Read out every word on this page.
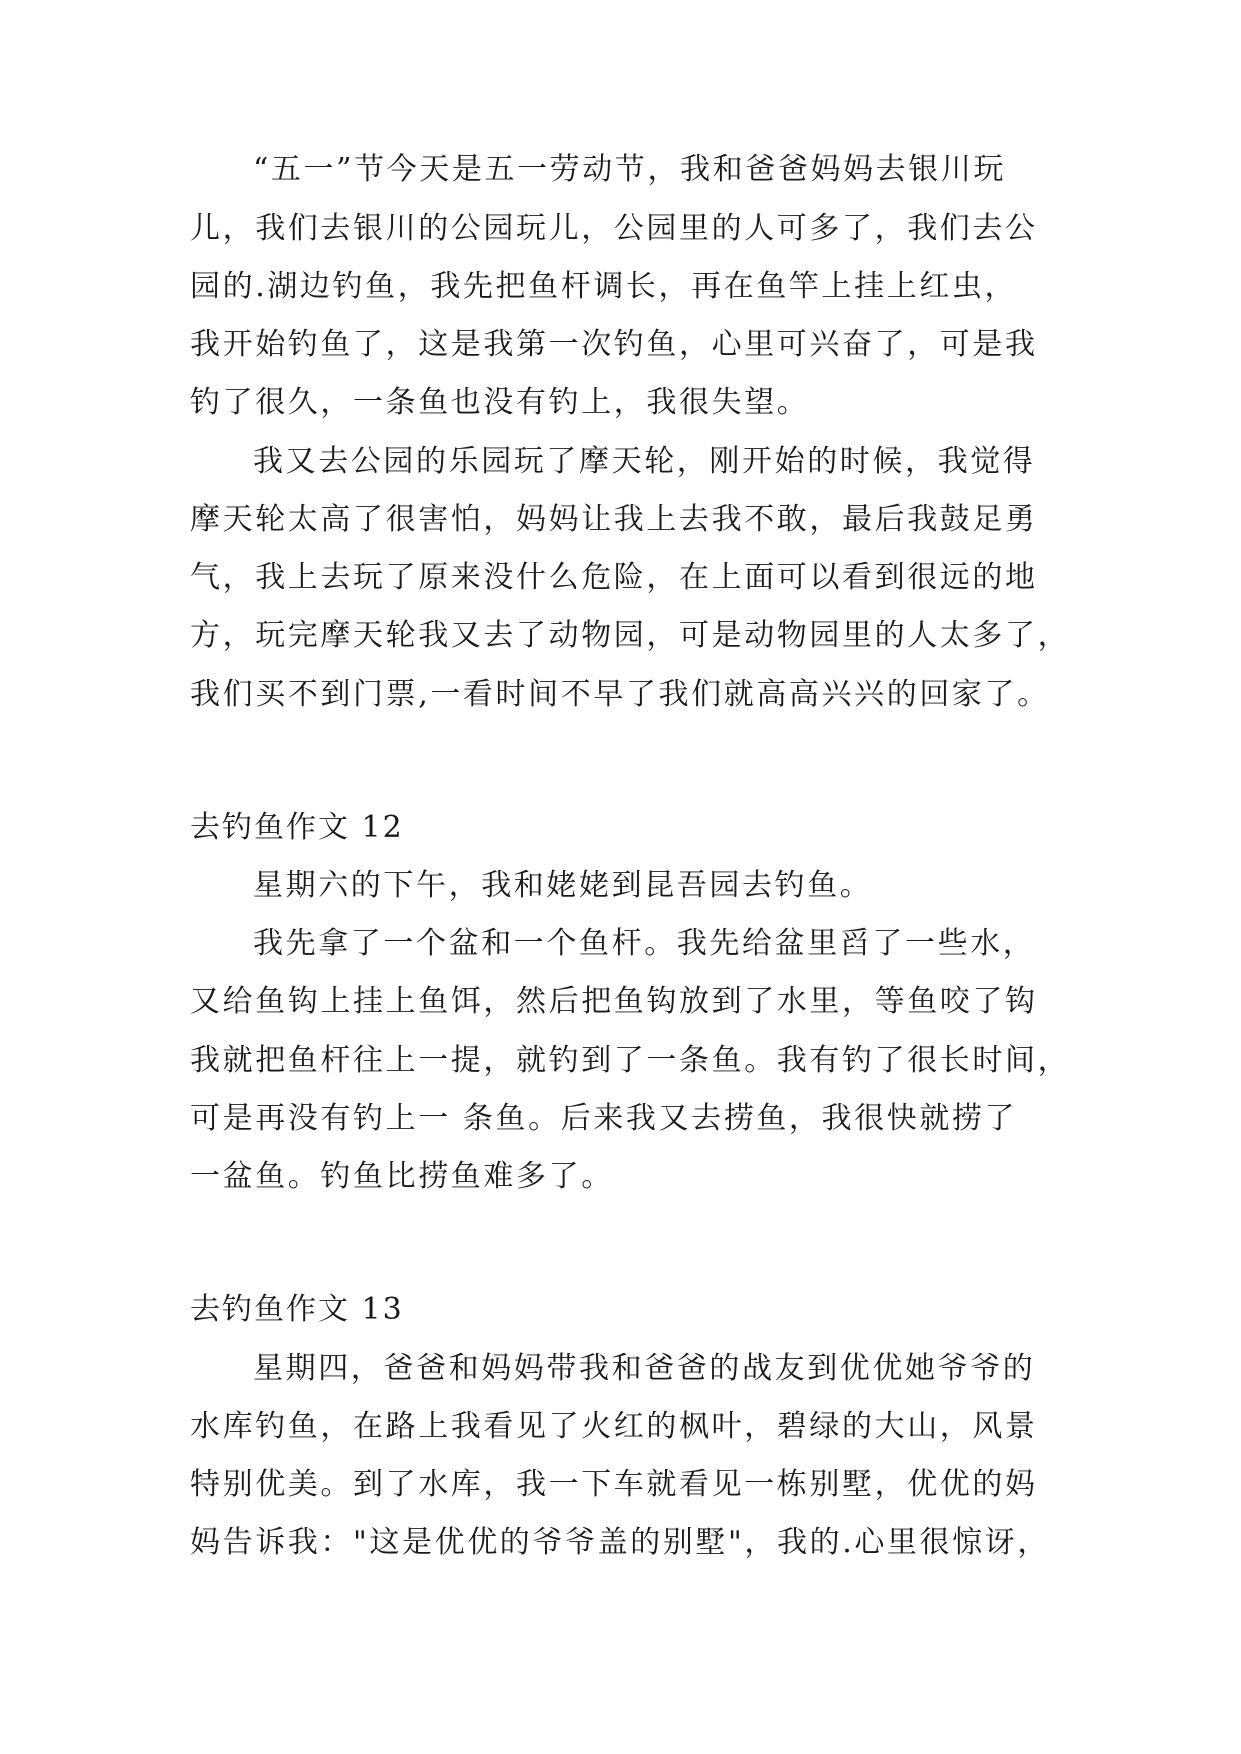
“五一”节今天是五一劳动节，我和爸爸妈妈去银川玩
儿，我们去银川的公园玩儿，公园里的人可多了，我们去公
园的.湖边钓鱼，我先把鱼杆调长，再在鱼竿上挂上红虫，
我开始钓鱼了，这是我第一次钓鱼，心里可兴奋了，可是我
钓了很久，一条鱼也没有钓上，我很失望。
我又去公园的乐园玩了摩天轮，刚开始的时候，我觉得
摩天轮太高了很害怕，妈妈让我上去我不敢，最后我鼓足勇
气，我上去玩了原来没什么危险，在上面可以看到很远的地
方，玩完摩天轮我又去了动物园，可是动物园里的人太多了，
我们买不到门票,一看时间不早了我们就高高兴兴的回家了。
去钓鱼作文 12
星期六的下午，我和姥姥到昆吾园去钓鱼。
我先拿了一个盆和一个鱼杆。我先给盆里舀了一些水，
又给鱼钩上挂上鱼饵，然后把鱼钩放到了水里，等鱼咬了钩
我就把鱼杆往上一提，就钓到了一条鱼。我有钓了很长时间，
可是再没有钓上一 条鱼。后来我又去捞鱼，我很快就捞了
一盆鱼。钓鱼比捞鱼难多了。
去钓鱼作文 13
星期四，爸爸和妈妈带我和爸爸的战友到优优她爷爷的
水库钓鱼，在路上我看见了火红的枫叶，碧绿的大山，风景
特别优美。到了水库，我一下车就看见一栋别墅，优优的妈
妈告诉我："这是优优的爷爷盖的别墅"，我的.心里很惊讶，
